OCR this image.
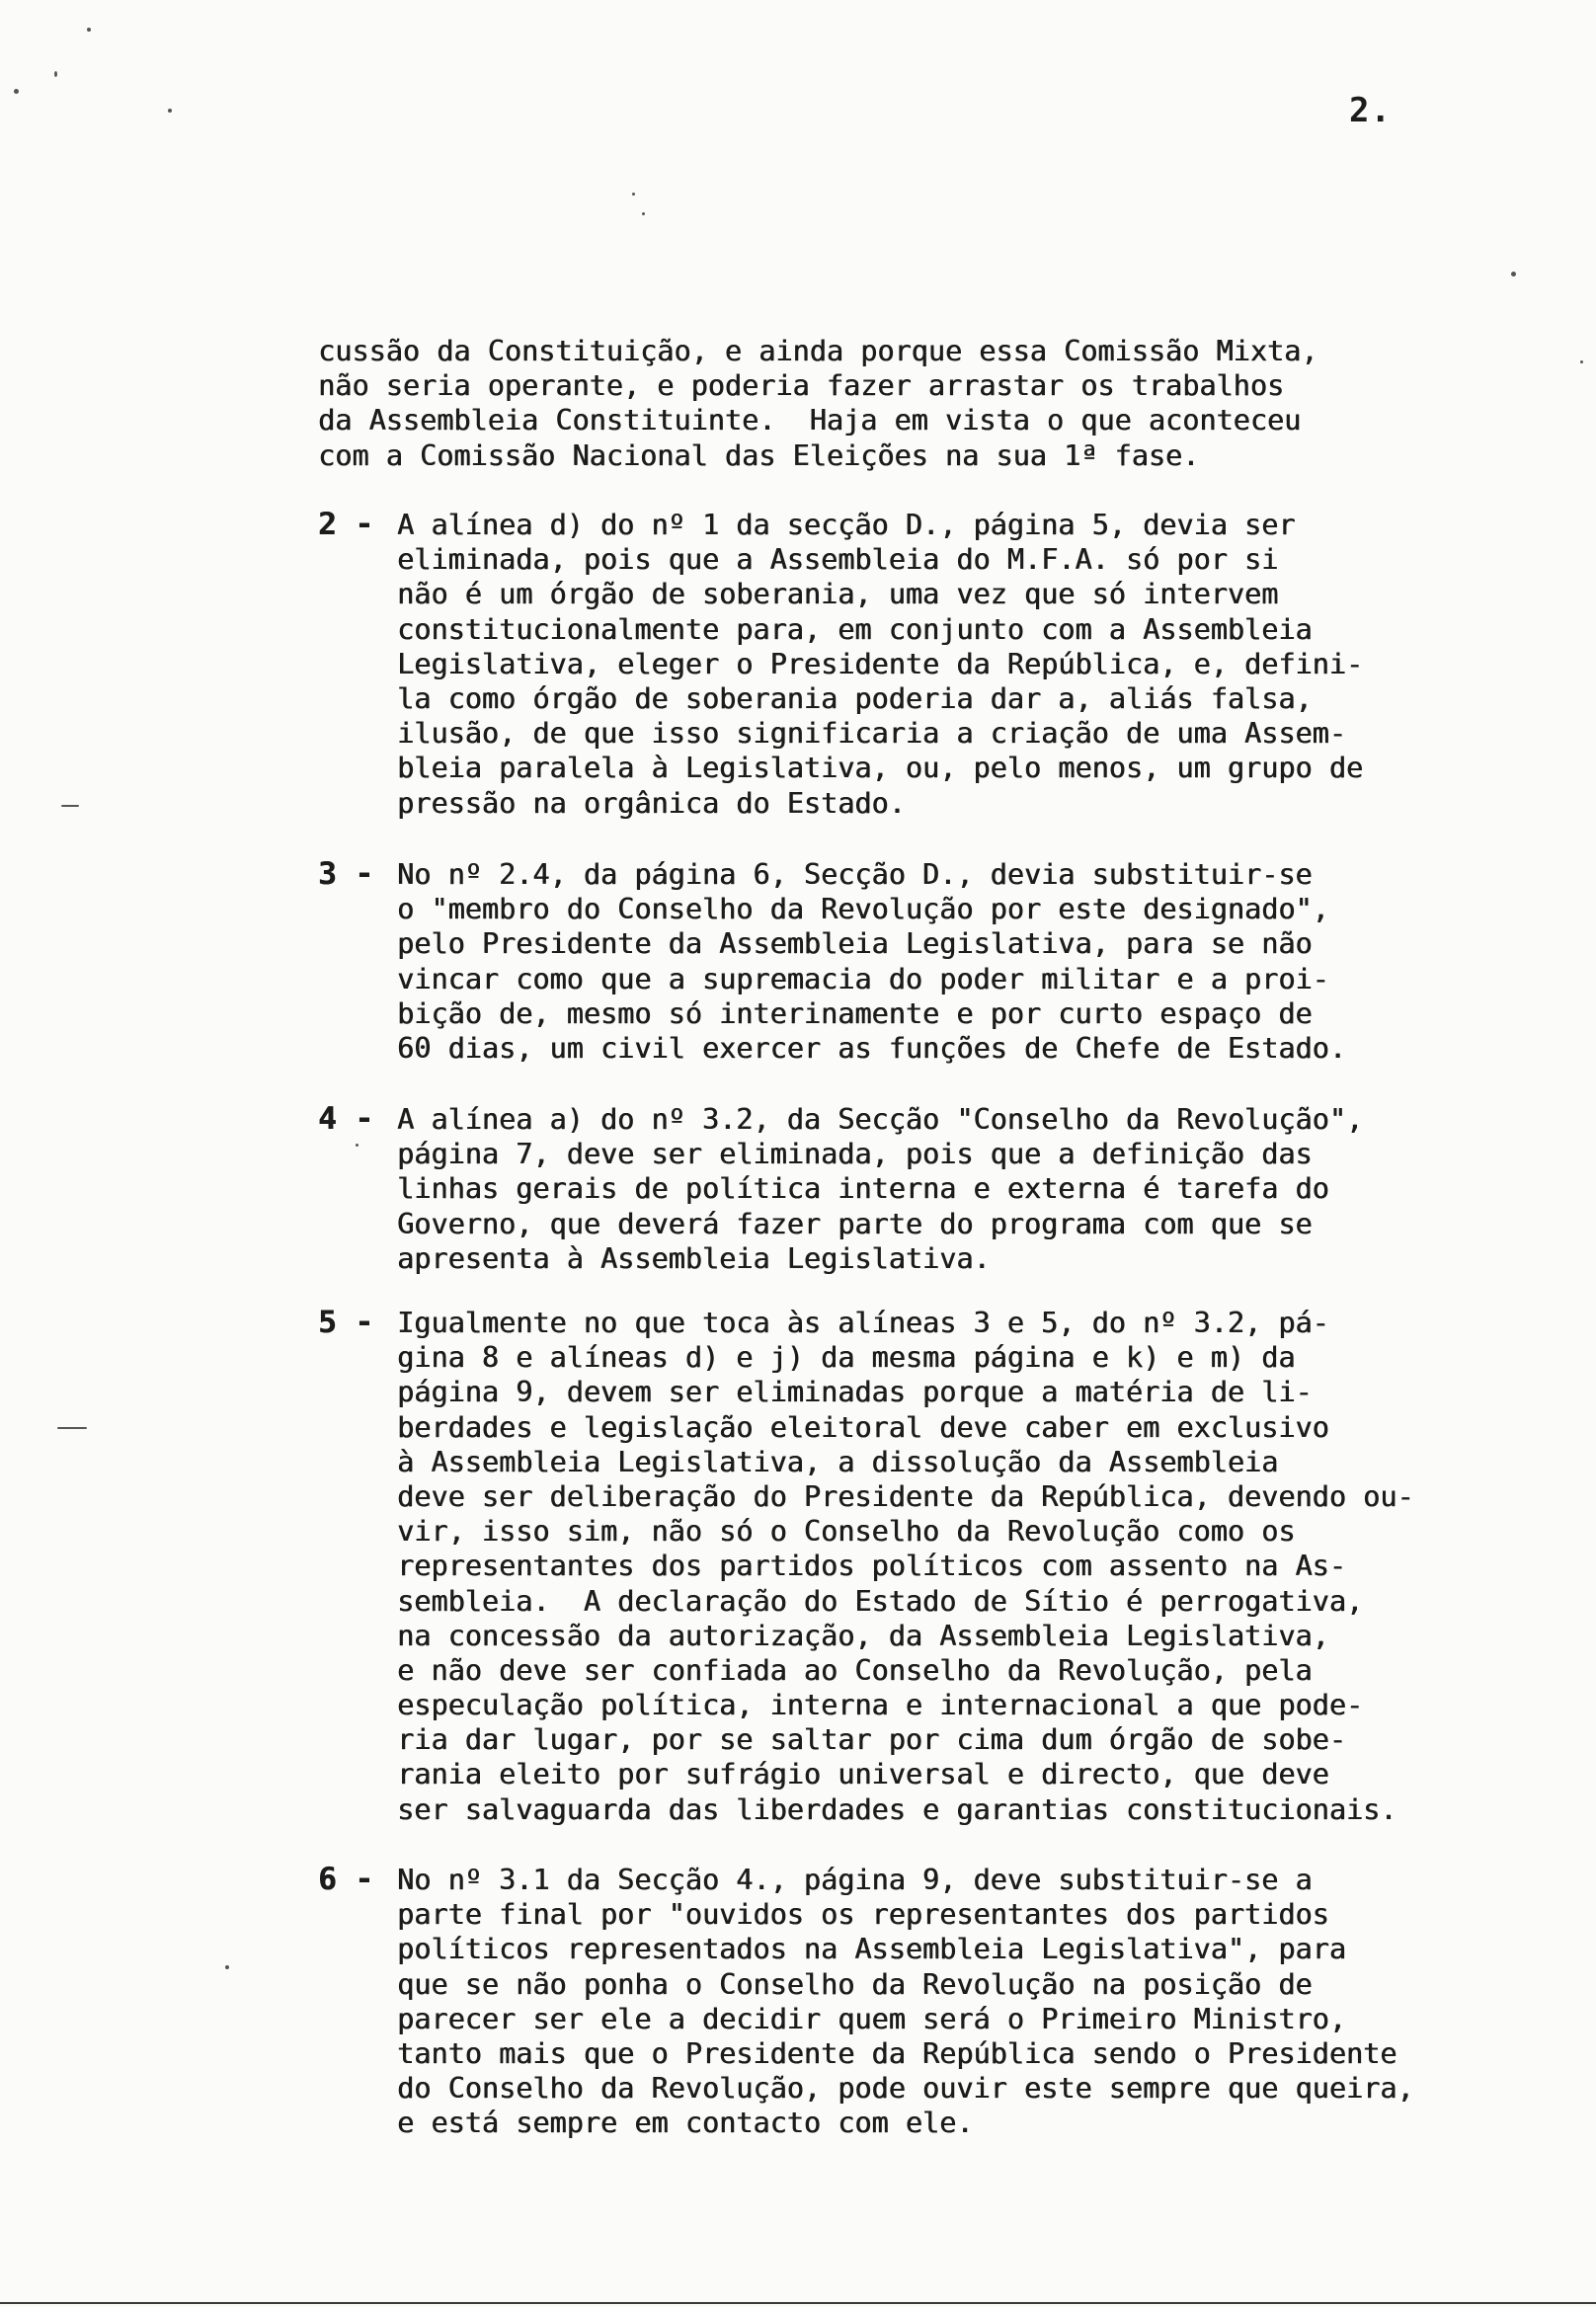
2.
cussão da Constituição, e ainda porque essa Comissão Mixta,
não seria operante, e poderia fazer arrastar os trabalhos
da Assembleia Constituinte.  Haja em vista o que aconteceu
com a Comissão Nacional das Eleições na sua 1ª fase.
2 - A alínea d) do nº 1 da secção D., página 5, devia ser
eliminada, pois que a Assembleia do M.F.A. só por si
não é um órgão de soberania, uma vez que só intervem
constitucionalmente para, em conjunto com a Assembleia
Legislativa, eleger o Presidente da República, e, defini-
la como órgão de soberania poderia dar a, aliás falsa,
ilusão, de que isso significaria a criação de uma Assem-
bleia paralela à Legislativa, ou, pelo menos, um grupo de
pressão na orgânica do Estado.
3 - No nº 2.4, da página 6, Secção D., devia substituir-se
o "membro do Conselho da Revolução por este designado",
pelo Presidente da Assembleia Legislativa, para se não
vincar como que a supremacia do poder militar e a proi-
bição de, mesmo só interinamente e por curto espaço de
60 dias, um civil exercer as funções de Chefe de Estado.
4 - A alínea a) do nº 3.2, da Secção "Conselho da Revolução",
página 7, deve ser eliminada, pois que a definição das
linhas gerais de política interna e externa é tarefa do
Governo, que deverá fazer parte do programa com que se
apresenta à Assembleia Legislativa.
5 - Igualmente no que toca às alíneas 3 e 5, do nº 3.2, pá-
gina 8 e alíneas d) e j) da mesma página e k) e m) da
página 9, devem ser eliminadas porque a matéria de li-
berdades e legislação eleitoral deve caber em exclusivo
à Assembleia Legislativa, a dissolução da Assembleia
deve ser deliberação do Presidente da República, devendo ou-
vir, isso sim, não só o Conselho da Revolução como os
representantes dos partidos políticos com assento na As-
sembleia.  A declaração do Estado de Sítio é perrogativa,
na concessão da autorização, da Assembleia Legislativa,
e não deve ser confiada ao Conselho da Revolução, pela
especulação política, interna e internacional a que pode-
ria dar lugar, por se saltar por cima dum órgão de sobe-
rania eleito por sufrágio universal e directo, que deve
ser salvaguarda das liberdades e garantias constitucionais.
6 - No nº 3.1 da Secção 4., página 9, deve substituir-se a
parte final por "ouvidos os representantes dos partidos
políticos representados na Assembleia Legislativa", para
que se não ponha o Conselho da Revolução na posição de
parecer ser ele a decidir quem será o Primeiro Ministro,
tanto mais que o Presidente da República sendo o Presidente
do Conselho da Revolução, pode ouvir este sempre que queira,
e está sempre em contacto com ele.
